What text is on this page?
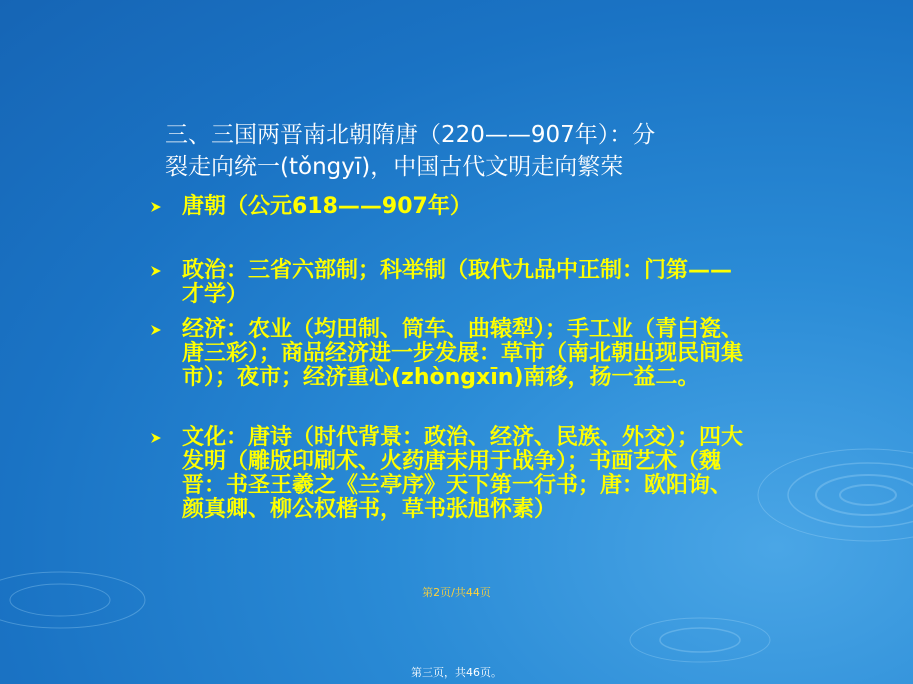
三、三国两晋南北朝隋唐（220——907年）：分
裂走向统一(tǒngyī)，中国古代文明走向繁荣
唐朝（公元618——907年）
政治：三省六部制；科举制（取代九品中正制：门第——才学）
经济：农业（均田制、筒车、曲辕犁）；手工业（青白瓷、唐三彩）；商品经济进一步发展：草市（南北朝出现民间集市）；夜市；经济重心(zhòngxīn)南移，扬一益二。
文化：唐诗（时代背景：政治、经济、民族、外交）；四大发明（雕版印刷术、火药唐末用于战争）；书画艺术（魏晋：书圣王羲之《兰亭序》天下第一行书；唐：欧阳询、颜真卿、柳公权楷书，草书张旭怀素）
第2页/共44页
第三页，共46页。
